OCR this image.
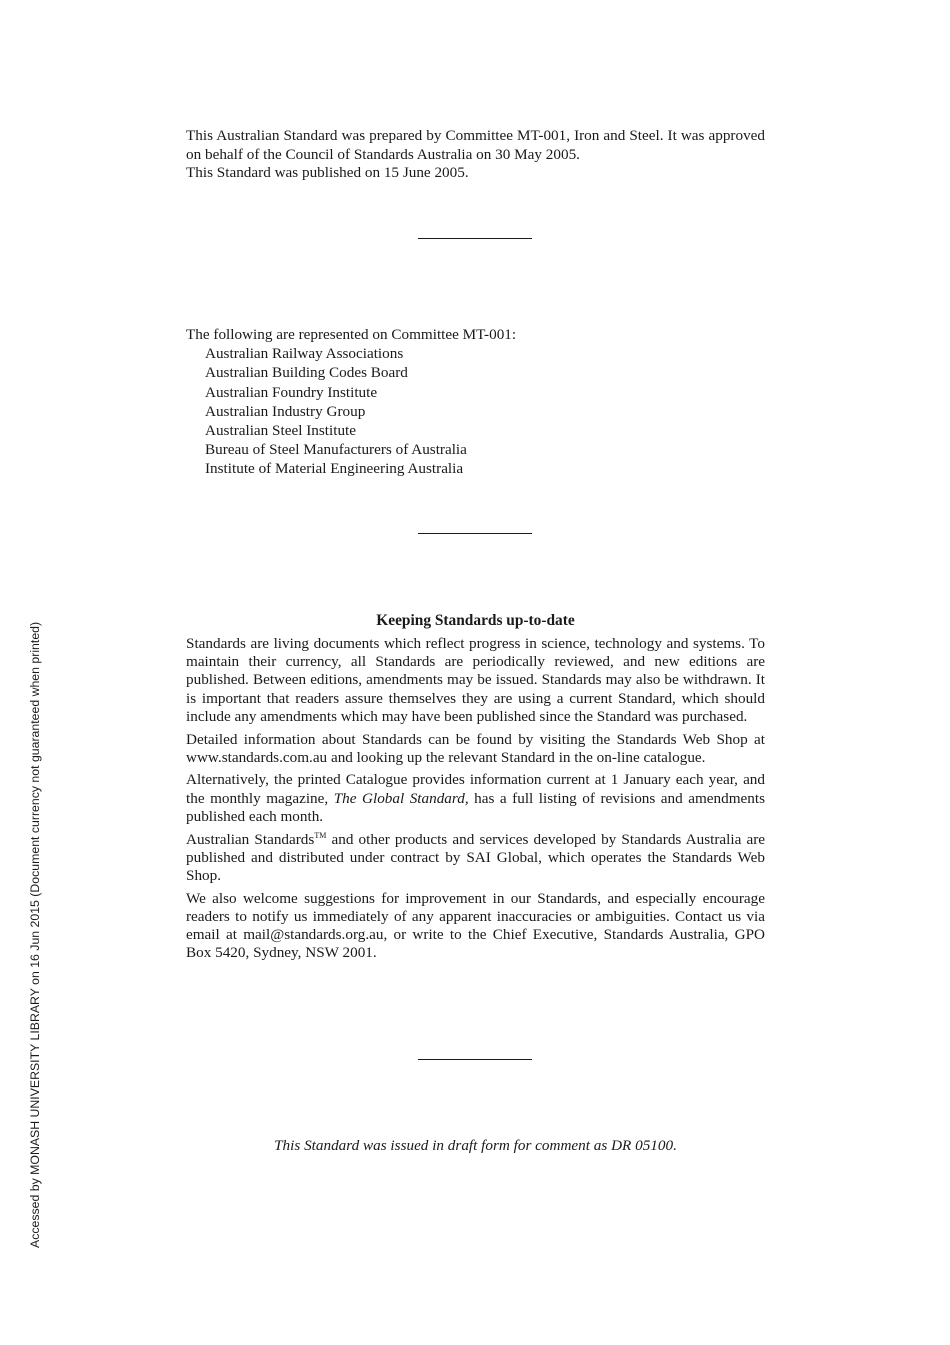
This Australian Standard was prepared by Committee MT-001, Iron and Steel. It was approved on behalf of the Council of Standards Australia on 30 May 2005.
This Standard was published on 15 June 2005.
The following are represented on Committee MT-001:
Australian Railway Associations
Australian Building Codes Board
Australian Foundry Institute
Australian Industry Group
Australian Steel Institute
Bureau of Steel Manufacturers of Australia
Institute of Material Engineering Australia
Keeping Standards up-to-date

Standards are living documents which reflect progress in science, technology and systems. To maintain their currency, all Standards are periodically reviewed, and new editions are published. Between editions, amendments may be issued. Standards may also be withdrawn. It is important that readers assure themselves they are using a current Standard, which should include any amendments which may have been published since the Standard was purchased.

Detailed information about Standards can be found by visiting the Standards Web Shop at www.standards.com.au and looking up the relevant Standard in the on-line catalogue.

Alternatively, the printed Catalogue provides information current at 1 January each year, and the monthly magazine, The Global Standard, has a full listing of revisions and amendments published each month.

Australian Standards™ and other products and services developed by Standards Australia are published and distributed under contract by SAI Global, which operates the Standards Web Shop.

We also welcome suggestions for improvement in our Standards, and especially encourage readers to notify us immediately of any apparent inaccuracies or ambiguities. Contact us via email at mail@standards.org.au, or write to the Chief Executive, Standards Australia, GPO Box 5420, Sydney, NSW 2001.

This Standard was issued in draft form for comment as DR 05100.
Accessed by MONASH UNIVERSITY LIBRARY on 16 Jun 2015 (Document currency not guaranteed when printed)
